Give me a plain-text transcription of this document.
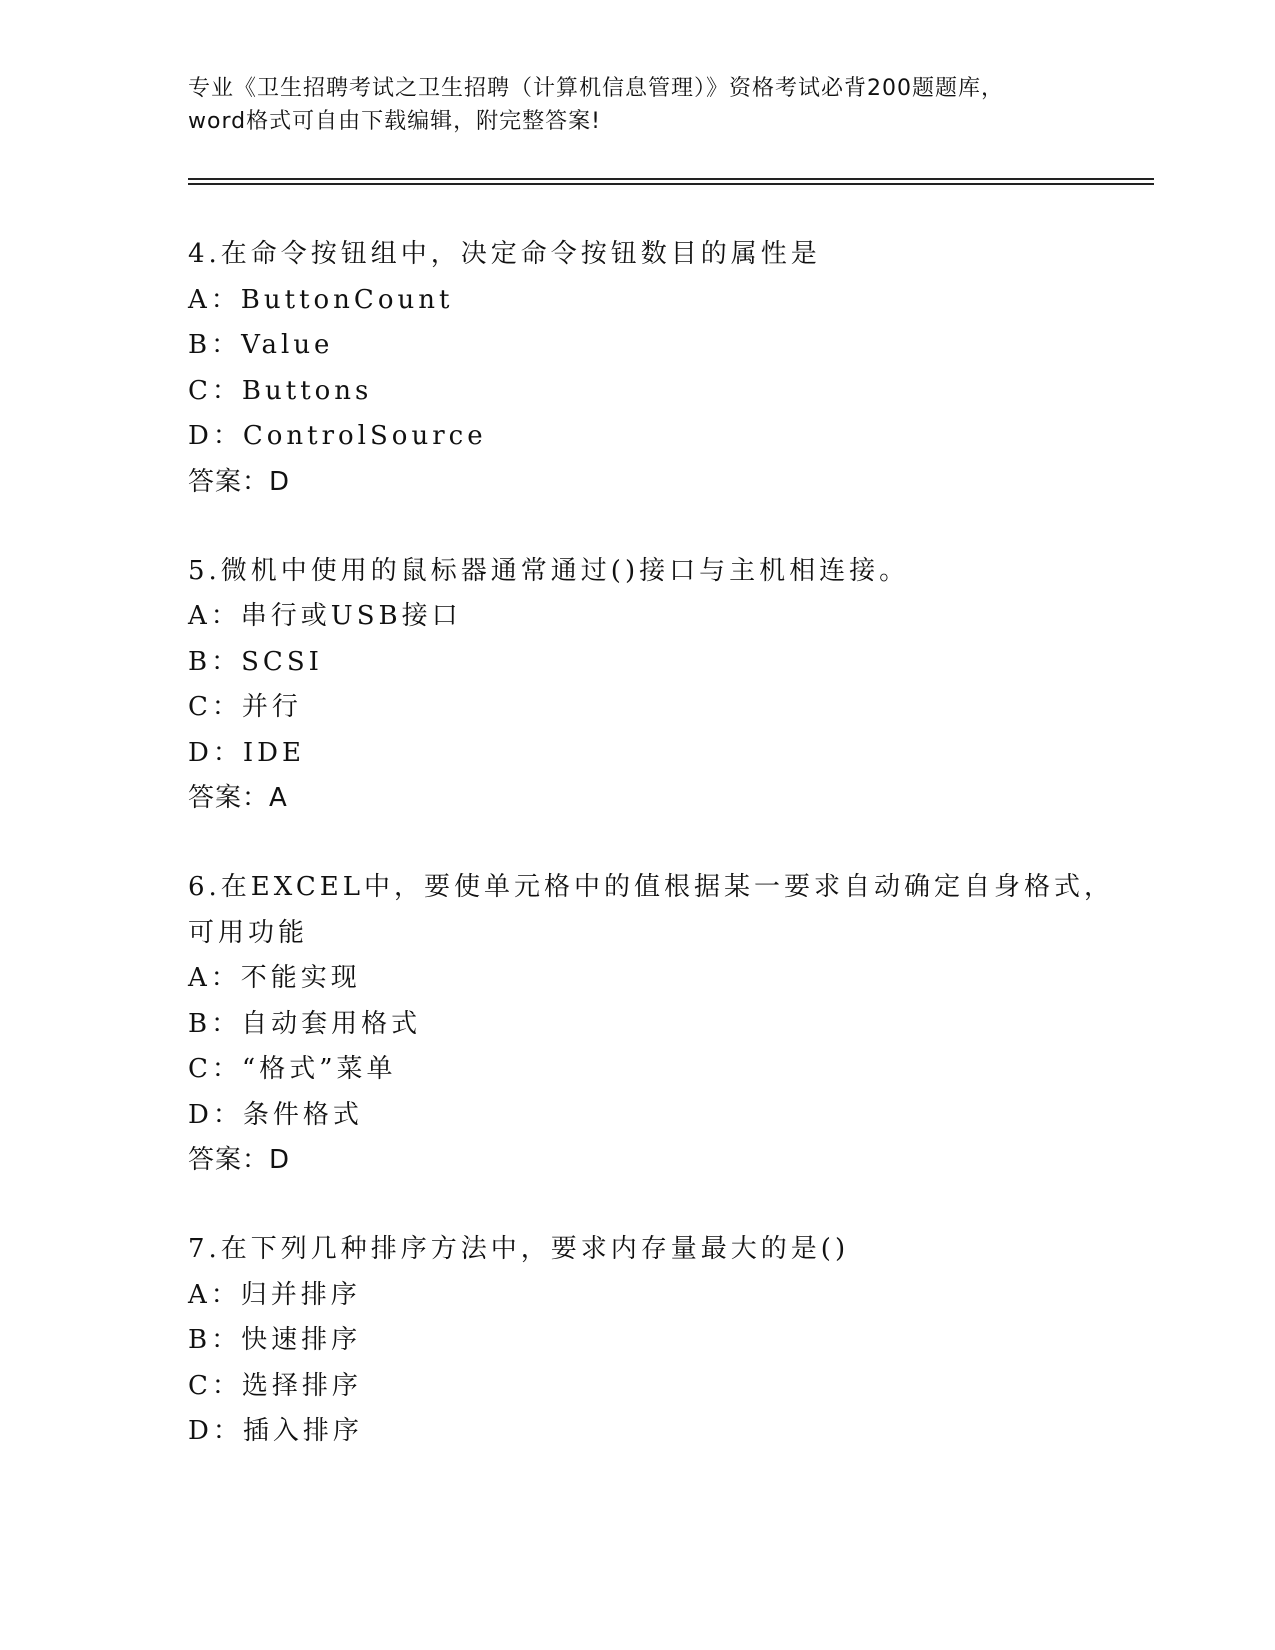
专业《卫生招聘考试之卫生招聘（计算机信息管理）》资格考试必背200题题库，
word格式可自由下载编辑，附完整答案!
4.在命令按钮组中，决定命令按钮数目的属性是
A：ButtonCount
B：Value
C：Buttons
D：ControlSource
答案：D
5.微机中使用的鼠标器通常通过()接口与主机相连接。
A：串行或USB接口
B：SCSI
C：并行
D：IDE
答案：A
6.在EXCEL中，要使单元格中的值根据某一要求自动确定自身格式，
可用功能
A：不能实现
B：自动套用格式
C：“格式”菜单
D：条件格式
答案：D
7.在下列几种排序方法中，要求内存量最大的是()
A：归并排序
B：快速排序
C：选择排序
D：插入排序
